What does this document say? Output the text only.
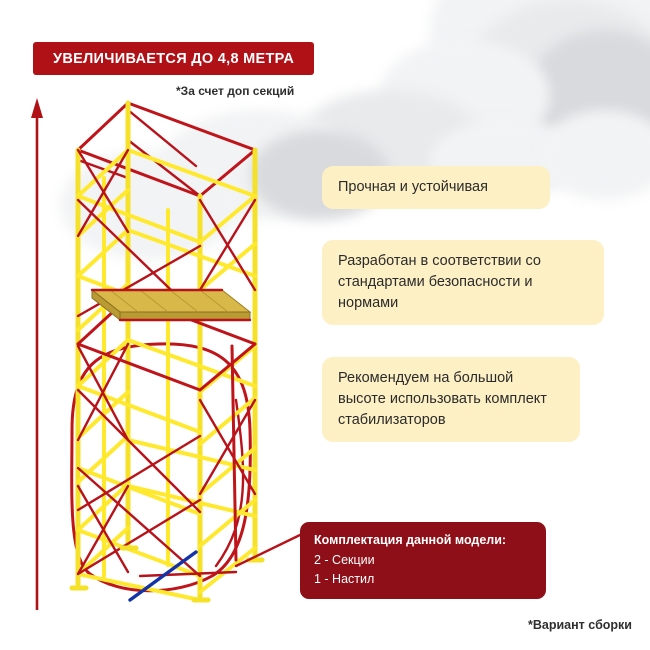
УВЕЛИЧИВАЕТСЯ ДО 4,8 МЕТРА
*За счет доп секций
Прочная и устойчивая
Разработан в соответствии со стандартами безопасности и нормами
Рекомендуем на большой высоте использовать комплект стабилизаторов
Комплектация данной модели:
2 - Секции
1 - Настил
*Вариант сборки
